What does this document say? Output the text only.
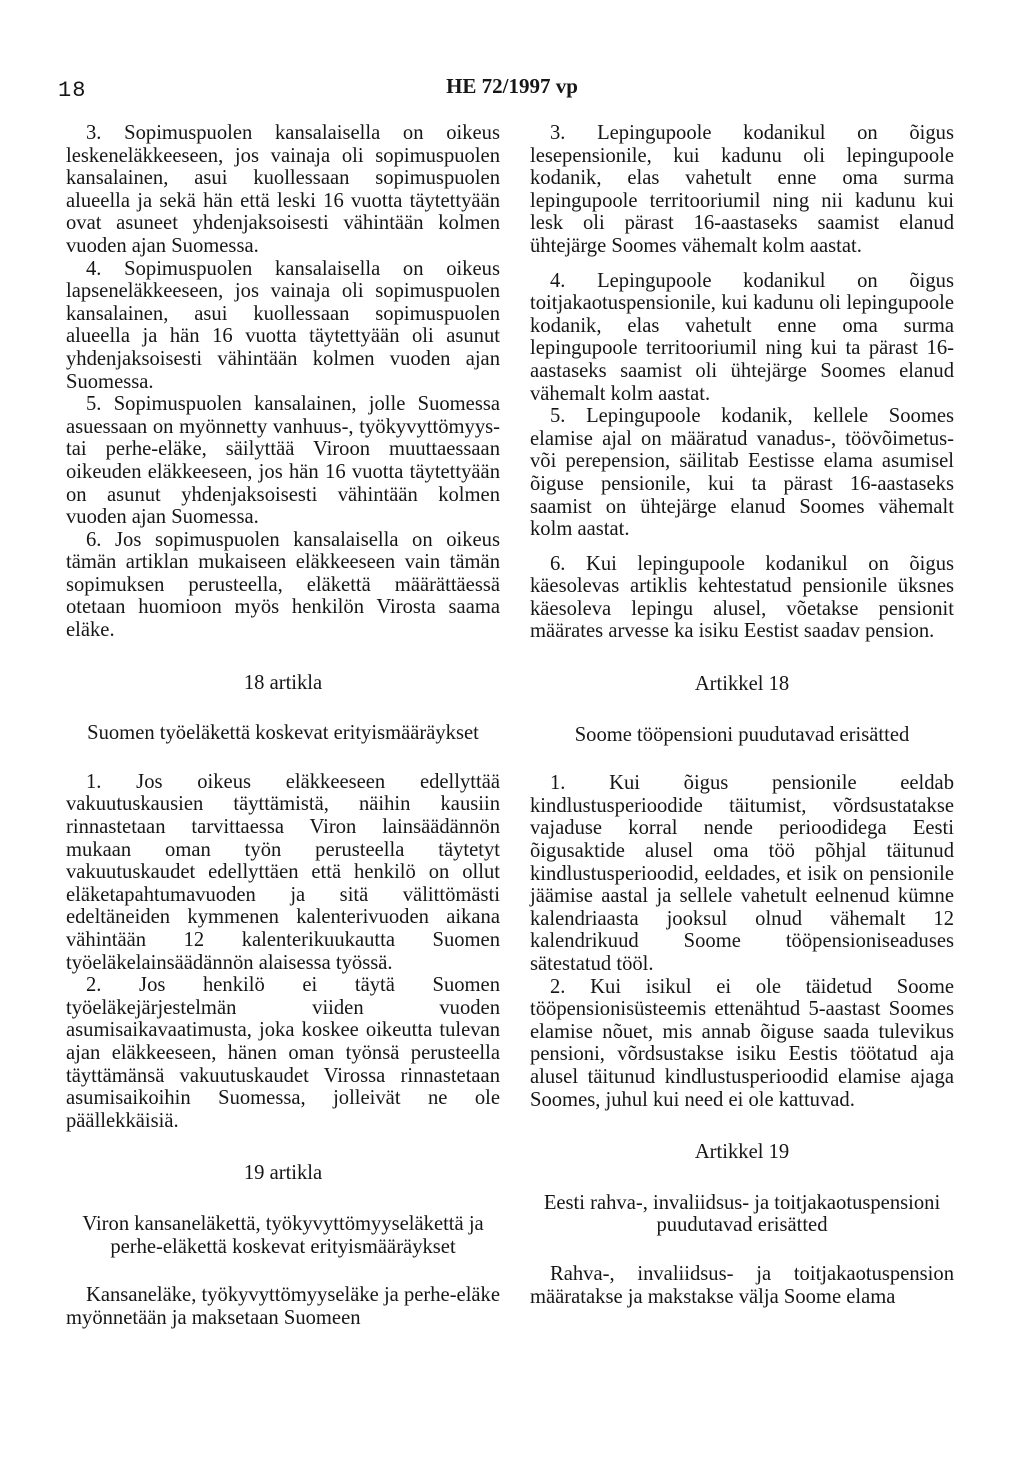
18	HE 72/1997 vp

3. Sopimuspuolen kansalaisella on oikeus leskeneläkkeeseen, jos vainaja oli sopimuspuolen kansalainen, asui kuollessaan sopimuspuolen alueella ja sekä hän että leski 16 vuotta täytettyään ovat asuneet yhdenjaksoisesti vähintään kolmen vuoden ajan Suomessa.

4. Sopimuspuolen kansalaisella on oikeus lapseneläkkeeseen, jos vainaja oli sopimuspuolen kansalainen, asui kuollessaan sopimuspuolen alueella ja hän 16 vuotta täytettyään oli asunut yhdenjaksoisesti vähintään kolmen vuoden ajan Suomessa.

5. Sopimuspuolen kansalainen, jolle Suomessa asuessaan on myönnetty vanhuus-, työkyvyttömyys- tai perhe-eläke, säilyttää Viroon muuttaessaan oikeuden eläkkeeseen, jos hän 16 vuotta täytettyään on asunut yhdenjaksoisesti vähintään kolmen vuoden ajan Suomessa.

6. Jos sopimuspuolen kansalaisella on oikeus tämän artiklan mukaiseen eläkkeeseen vain tämän sopimuksen perusteella, eläkettä määrättäessä otetaan huomioon myös henkilön Virosta saama eläke.

18 artikla

Suomen työeläkettä koskevat erityismääräykset

1. Jos oikeus eläkkeeseen edellyttää vakuutuskausien täyttämistä, näihin kausiin rinnastetaan tarvittaessa Viron lainsäädännön mukaan oman työn perusteella täytetyt vakuutuskaudet edellyttäen että henkilö on ollut eläketapahtumavuoden ja sitä välittömästi edeltäneiden kymmenen kalenterivuoden aikana vähintään 12 kalenterikuukautta Suomen työeläkelainsäädännön alaisessa työssä.

2. Jos henkilö ei täytä Suomen työeläkejärjestelmän viiden vuoden asumisaikavaatimusta, joka koskee oikeutta tulevan ajan eläkkeeseen, hänen oman työnsä perusteella täyttämänsä vakuutuskaudet Virossa rinnastetaan asumisaikoihin Suomessa, jolleivät ne ole päällekkäisiä.

19 artikla

Viron kansaneläkettä, työkyvyttömyyseläkettä ja perhe-eläkettä koskevat erityismääräykset

Kansaneläke, työkyvyttömyyseläke ja perhe-eläke myönnetään ja maksetaan Suomeen

3. Lepingupoole kodanikul on õigus lesepensionile, kui kadunu oli lepingupoole kodanik, elas vahetult enne oma surma lepingupoole territooriumil ning nii kadunu kui lesk oli pärast 16-aastaseks saamist elanud ühtejärge Soomes vähemalt kolm aastat.

4. Lepingupoole kodanikul on õigus toitjakaotuspensionile, kui kadunu oli lepingupoole kodanik, elas vahetult enne oma surma lepingupoole territooriumil ning kui ta pärast 16-aastaseks saamist oli ühtejärge Soomes elanud vähemalt kolm aastat.

5. Lepingupoole kodanik, kellele Soomes elamise ajal on määratud vanadus-, töövõimetus- või perepension, säilitab Eestisse elama asumisel õiguse pensionile, kui ta pärast 16-aastaseks saamist on ühtejärge elanud Soomes vähemalt kolm aastat.

6. Kui lepingupoole kodanikul on õigus käesolevas artiklis kehtestatud pensionile üksnes käesoleva lepingu alusel, võetakse pensionit määrates arvesse ka isiku Eestist saadav pension.

Artikkel 18

Soome tööpensioni puudutavad erisätted

1. Kui õigus pensionile eeldab kindlustusperioodide täitumist, võrdsustatakse vajaduse korral nende perioodidega Eesti õigusaktide alusel oma töö põhjal täitunud kindlustusperioodid, eeldades, et isik on pensionile jäämise aastal ja sellele vahetult eelnenud kümne kalendriaasta jooksul olnud vähemalt 12 kalendrikuud Soome tööpensioniseaduses sätestatud tööl.

2. Kui isikul ei ole täidetud Soome tööpensionisüsteemis ettenähtud 5-aastast Soomes elamise nõuet, mis annab õiguse saada tulevikus pensioni, võrdsustakse isiku Eestis töötatud aja alusel täitunud kindlustusperioodid elamise ajaga Soomes, juhul kui need ei ole kattuvad.

Artikkel 19

Eesti rahva-, invaliidsus- ja toitjakaotuspensioni puudutavad erisätted

Rahva-, invaliidsus- ja toitjakaotuspension määratakse ja makstakse välja Soome elama
